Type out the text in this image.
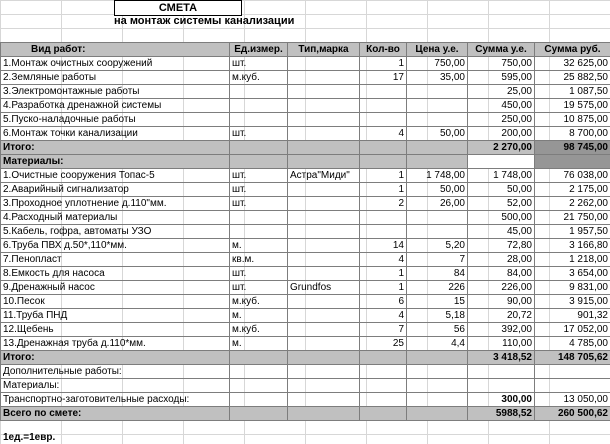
СМЕТА
на монтаж системы канализации
Вид работ:	Ед.измер.	Тип,марка	Кол-во	Цена у.е.	Сумма у.е.	Сумма руб.
1.Монтаж очистных сооружений	шт.		1	750,00	750,00	32 625,00
2.Земляные работы	м.куб.		17	35,00	595,00	25 882,50
3.Электромонтажные работы					25,00	1 087,50
4.Разработка дренажной системы					450,00	19 575,00
5.Пуско-наладочные работы					250,00	10 875,00
6.Монтаж точки канализации	шт.		4	50,00	200,00	8 700,00
Итого:					2 270,00	98 745,00
Материалы:						
1.Очистные сооружения Топас-5	шт.	Астра"Миди"	1	1 748,00	1 748,00	76 038,00
2.Аварийный сигнализатор	шт.		1	50,00	50,00	2 175,00
3.Проходное уплотнение д.110"мм.	шт.		2	26,00	52,00	2 262,00
4.Расходный материалы					500,00	21 750,00
5.Кабель, гофра, автоматы УЗО					45,00	1 957,50
6.Труба ПВХ д.50*,110*мм.	м.		14	5,20	72,80	3 166,80
7.Пенопласт	кв.м.		4	7	28,00	1 218,00
8.Емкость для насоса	шт.		1	84	84,00	3 654,00
9.Дренажный насос	шт.	Grundfos	1	226	226,00	9 831,00
10.Песок	м.куб.		6	15	90,00	3 915,00
11.Труба ПНД	м.		4	5,18	20,72	901,32
12.Щебень	м.куб.		7	56	392,00	17 052,00
13.Дренажная труба д.110*мм.	м.		25	4,4	110,00	4 785,00
Итого:					3 418,52	148 705,62
Дополнительные работы:						
Материалы:						
Транспортно-заготовительные расходы:					300,00	13 050,00
Всего по смете:					5988,52	260 500,62
1ед.=1евр.
